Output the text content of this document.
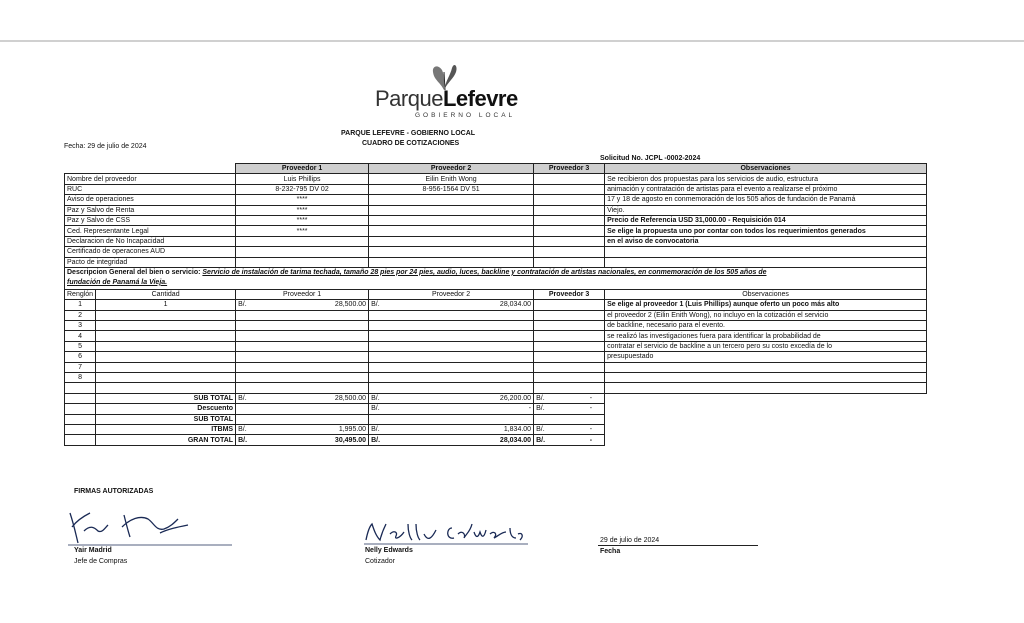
ParqueLefevre
GOBIERNO LOCAL
PARQUE LEFEVRE - GOBIERNO LOCAL
CUADRO DE COTIZACIONES
Fecha: 29 de julio de 2024
Solicitud No. JCPL -0002-2024
		Proveedor 1	Proveedor 2	Proveedor 3	Observaciones
Nombre del proveedor		Luis Phillips	Eilin Enith Wong		Se recibieron dos propuestas para los servicios de audio, estructura
RUC		8-232-795 DV 02	8-956-1564 DV 51		animación y contratación de artistas para el evento a realizarse el próximo
Aviso de operaciones		****			17 y 18 de agosto en conmemoración de los 505 años de fundación de Panamá
Paz y Salvo de Renta		****			Viejo.
Paz y Salvo de CSS		****			Precio de Referencia USD 31,000.00 - Requisición 014
Ced. Representante Legal		****			Se elige la propuesta uno por contar con todos los requerimientos generados
Declaracion de No Incapacidad					en el aviso de convocatoria
Certificado de operacones AUD					
Pacto de integridad					
Descripcion General del bien o servicio: Servicio de instalación de tarima techada, tamaño 28 pies por 24 pies, audio, luces, backline y contratación de artistas nacionales, en conmemoración de los 505 años de
fundación de Panamá la Vieja.					
Renglón	Cantidad	Proveedor 1	Proveedor 2	Proveedor 3	Observaciones
1	1	B/. 28,500.00	B/. 28,034.00		Se elige al proveedor 1 (Luis Phillips) aunque oferto un poco más alto
2					el proveedor 2 (Eilin Enith Wong), no incluyo en la cotización el servicio
3					de backline, necesario para el evento.
4					se realizó las investigaciones fuera para identificar la probabilidad de
5					contratar el servicio de backline a un tercero pero su costo excedía de lo
6					presupuestado
7					
8					

	SUB TOTAL	B/. 28,500.00	B/. 26,200.00	B/. -	

	Descuento		B/. -	B/. -	

	SUB TOTAL				
	ITBMS	B/. 1,995.00	B/. 1,834.00	B/. -	

	GRAN TOTAL	B/. 30,495.00	B/. 28,034.00	B/. -	

FIRMAS AUTORIZADAS
Yair Madrid
Jefe de Compras
Nelly Edwards
Cotizador
29 de julio de 2024
Fecha
